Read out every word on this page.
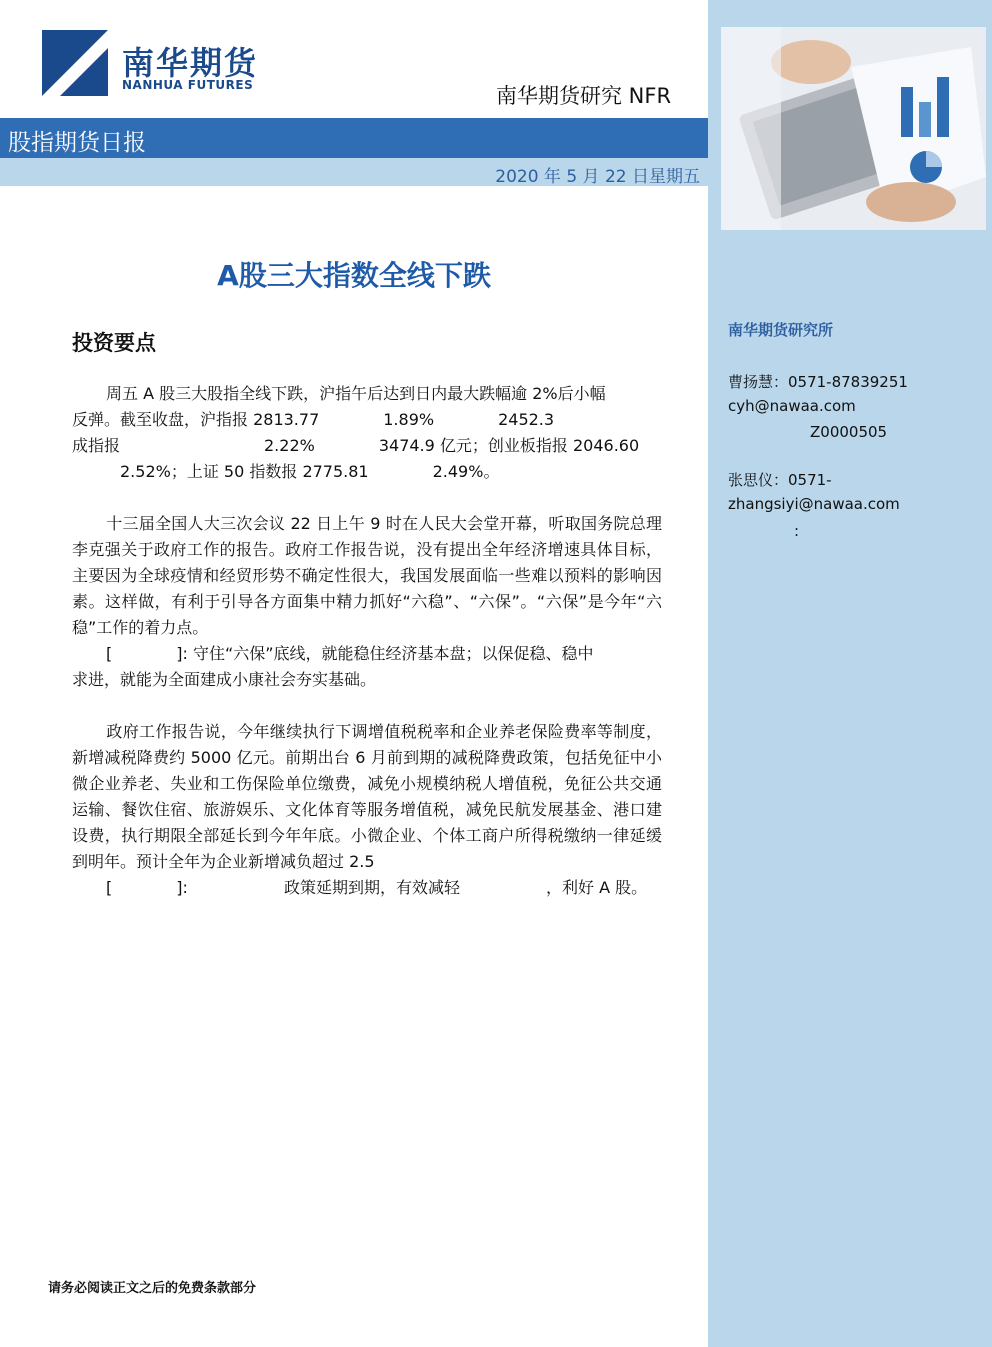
南华期货研究所
曹扬慧：0571-87839251
cyh@nawaa.com
Z0000505
张思仪：0571-
zhangsiyi@nawaa.com
:
南华期货
NANHUA FUTURES	南华期货研究 NFR
股指期货日报
2020 年 5 月 22 日星期五
A股三大指数全线下跌
投资要点
周五 A 股三大股指全线下跌，沪指午后达到日内最大跌幅逾 2%后小幅
反弹。截至收盘，沪指报 2813.77　　　　1.89%　　　　2452.3
成指报　　　　　　　　　2.22%　　　　3474.9 亿元；创业板指报 2046.60
　　　2.52%；上证 50 指数报 2775.81　　　　2.49%。
十三届全国人大三次会议 22 日上午 9 时在人民大会堂开幕，听取国务院总理李克强关于政府工作的报告。政府工作报告说，没有提出全年经济增速具体目标，主要因为全球疫情和经贸形势不确定性很大，我国发展面临一些难以预料的影响因素。这样做，有利于引导各方面集中精力抓好“六稳”、“六保”。“六保”是今年“六稳”工作的着力点。
[　　　　]: 守住“六保”底线，就能稳住经济基本盘；以保促稳、稳中
求进，就能为全面建成小康社会夯实基础。
政府工作报告说，今年继续执行下调增值税税率和企业养老保险费率等制度，新增减税降费约 5000 亿元。前期出台 6 月前到期的减税降费政策，包括免征中小微企业养老、失业和工伤保险单位缴费，减免小规模纳税人增值税，免征公共交通运输、餐饮住宿、旅游娱乐、文化体育等服务增值税，减免民航发展基金、港口建设费，执行期限全部延长到今年年底。小微企业、个体工商户所得税缴纳一律延缓到明年。预计全年为企业新增减负超过 2.5
[　　　　]:	政策延期到期，有效减轻	，利好 A 股。
请务必阅读正文之后的免费条款部分
